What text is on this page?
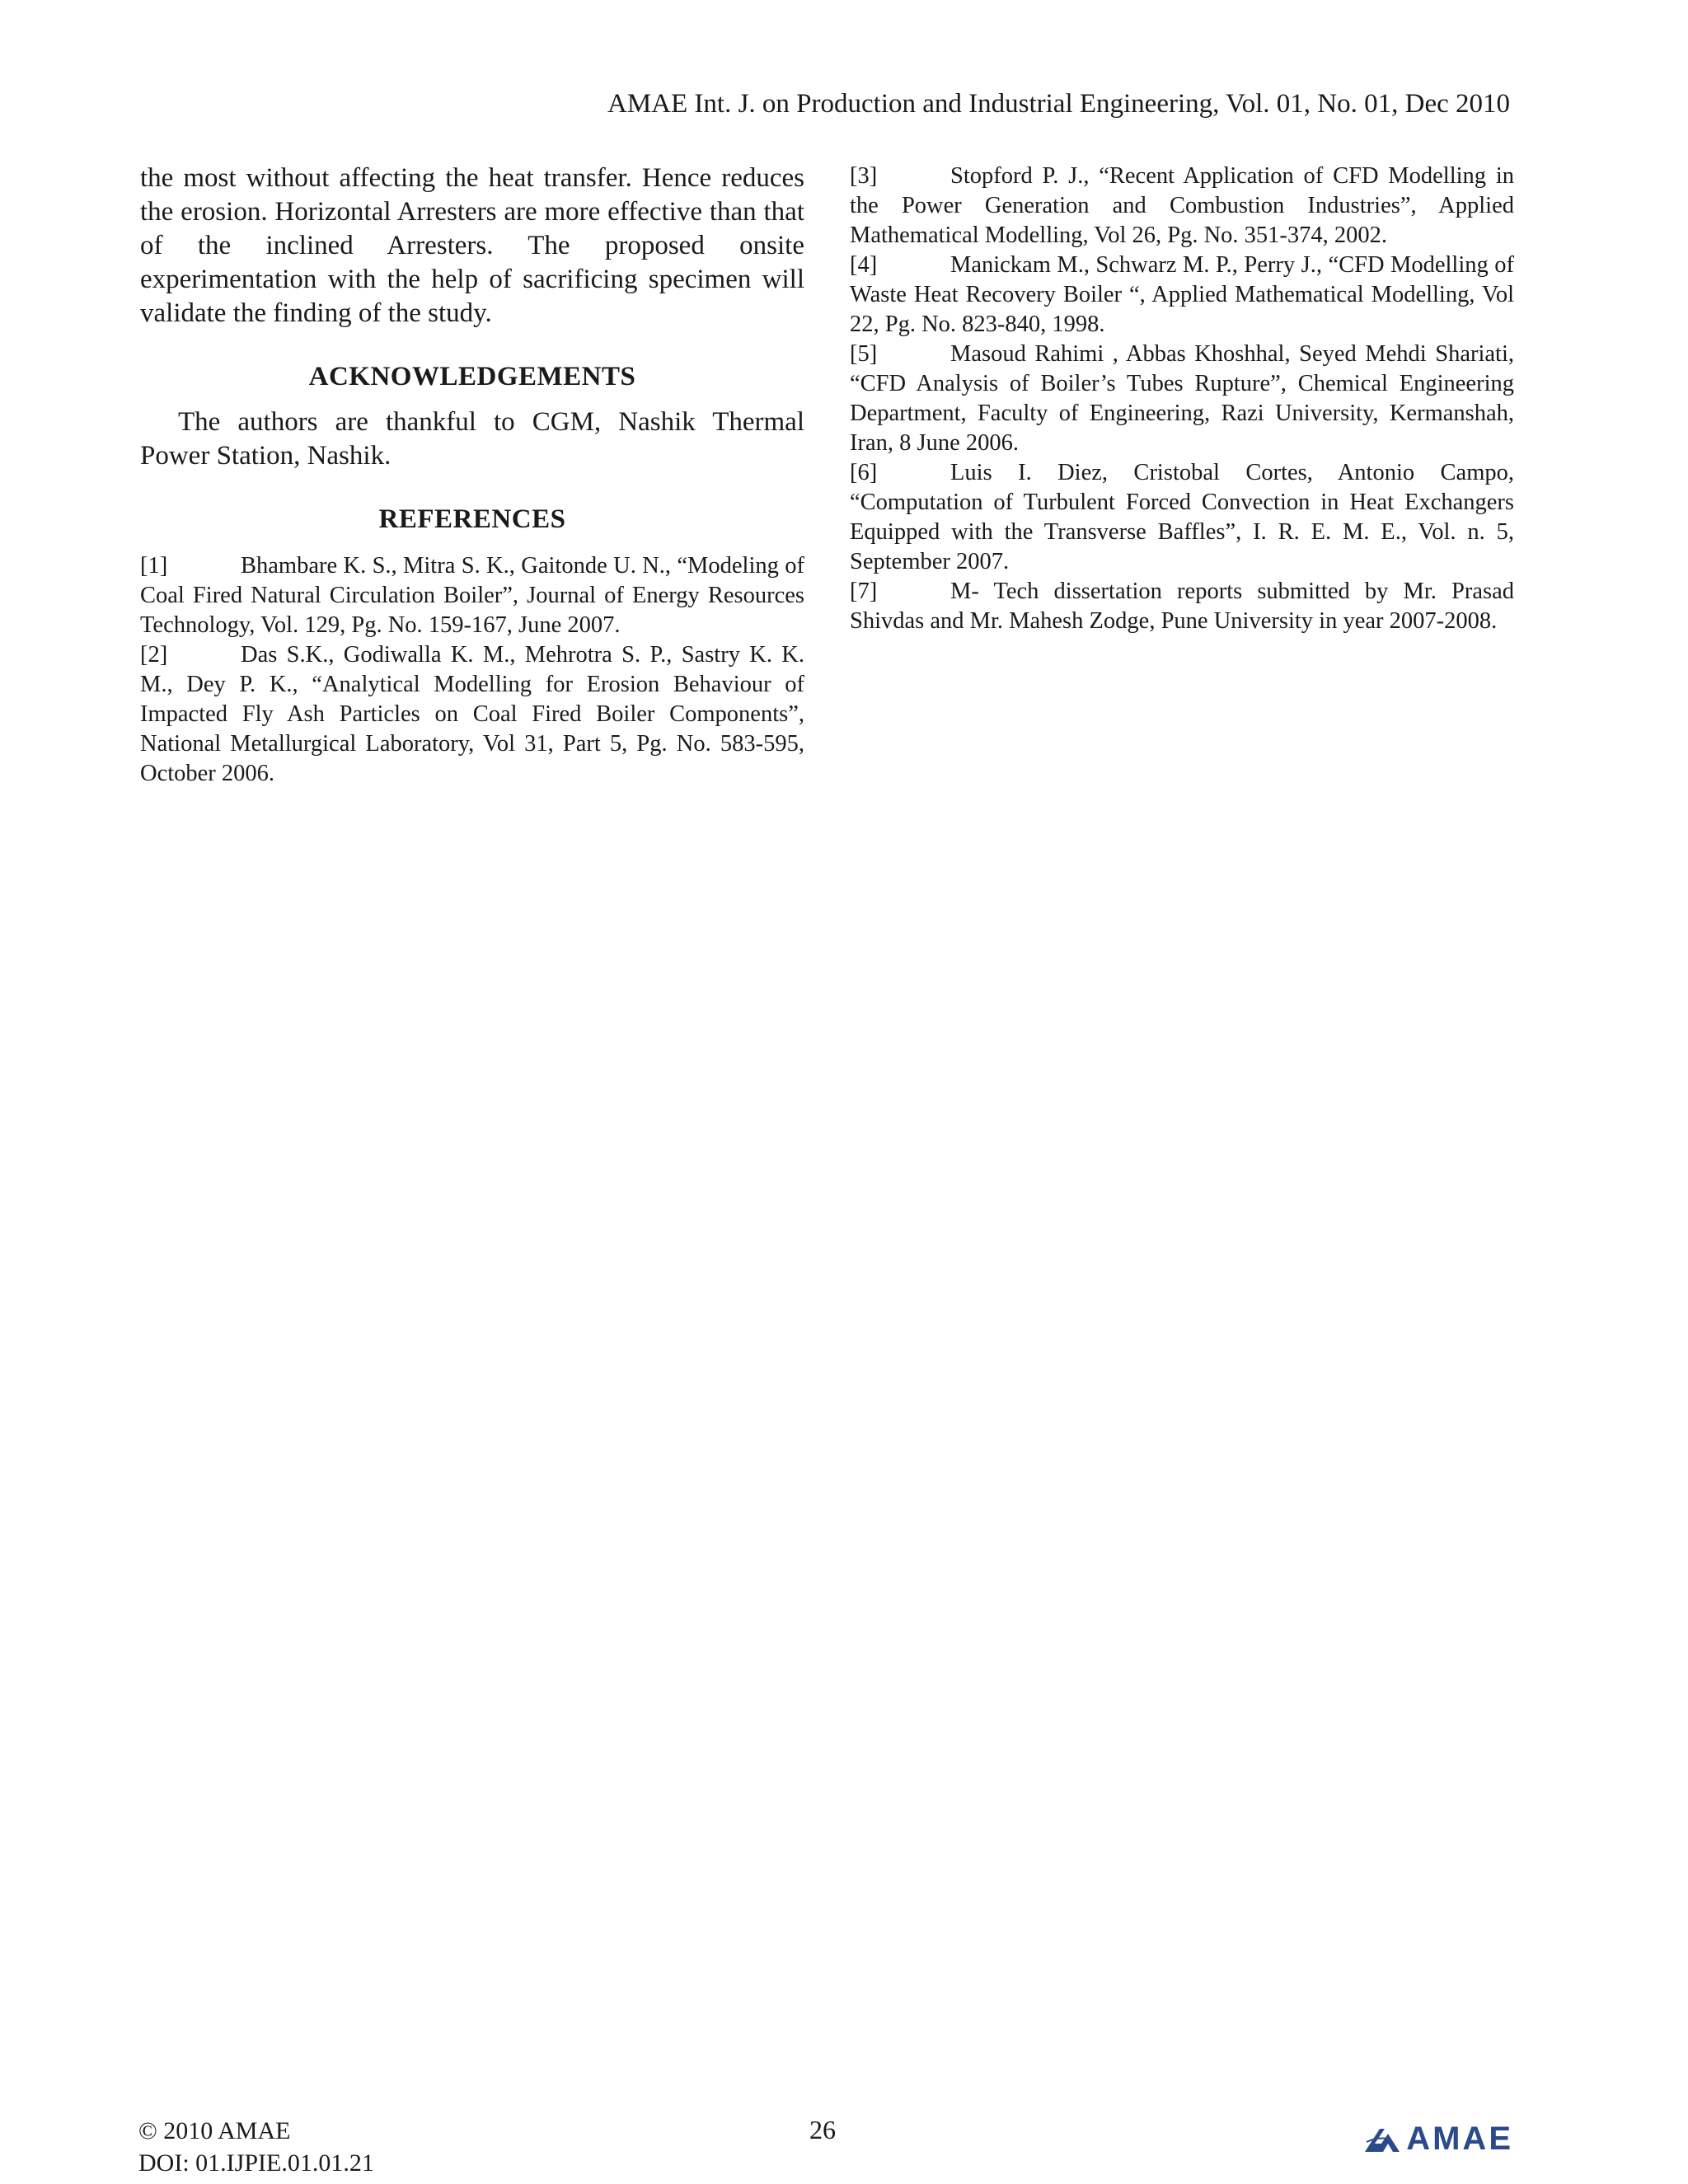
AMAE Int. J. on Production and Industrial Engineering, Vol. 01, No. 01, Dec 2010

the most without affecting the heat transfer. Hence reduces the erosion. Horizontal Arresters are more effective than that of the inclined Arresters. The proposed onsite experimentation with the help of sacrificing specimen will validate the finding of the study.

ACKNOWLEDGEMENTS

The authors are thankful to CGM, Nashik Thermal Power Station, Nashik.

REFERENCES

[1]	Bhambare K. S., Mitra S. K., Gaitonde U. N., “Modeling of Coal Fired Natural Circulation Boiler”, Journal of Energy Resources Technology, Vol. 129, Pg. No. 159-167, June 2007.

[2]	Das S.K., Godiwalla K. M., Mehrotra S. P., Sastry K. K. M., Dey P. K., “Analytical Modelling for Erosion Behaviour of Impacted Fly Ash Particles on Coal Fired Boiler Components”, National Metallurgical Laboratory, Vol 31, Part 5, Pg. No. 583-595, October 2006.

[3]	Stopford P. J., “Recent Application of CFD Modelling in the Power Generation and Combustion Industries”, Applied Mathematical Modelling, Vol 26, Pg. No. 351-374, 2002.

[4]	Manickam M., Schwarz M. P., Perry J., “CFD Modelling of Waste Heat Recovery Boiler “, Applied Mathematical Modelling, Vol 22, Pg. No. 823-840, 1998.

[5]	Masoud Rahimi , Abbas Khoshhal, Seyed Mehdi Shariati, “CFD Analysis of Boiler’s Tubes Rupture”, Chemical Engineering Department, Faculty of Engineering, Razi University, Kermanshah, Iran, 8 June 2006.

[6]	Luis I. Diez, Cristobal Cortes, Antonio Campo, “Computation of Turbulent Forced Convection in Heat Exchangers Equipped with the Transverse Baffles”, I. R. E. M. E., Vol. n. 5, September 2007.

[7]	M- Tech dissertation reports submitted by Mr. Prasad Shivdas and Mr. Mahesh Zodge, Pune University in year 2007-2008.

© 2010 AMAE
DOI: 01.IJPIE.01.01.21
26	AMAE
